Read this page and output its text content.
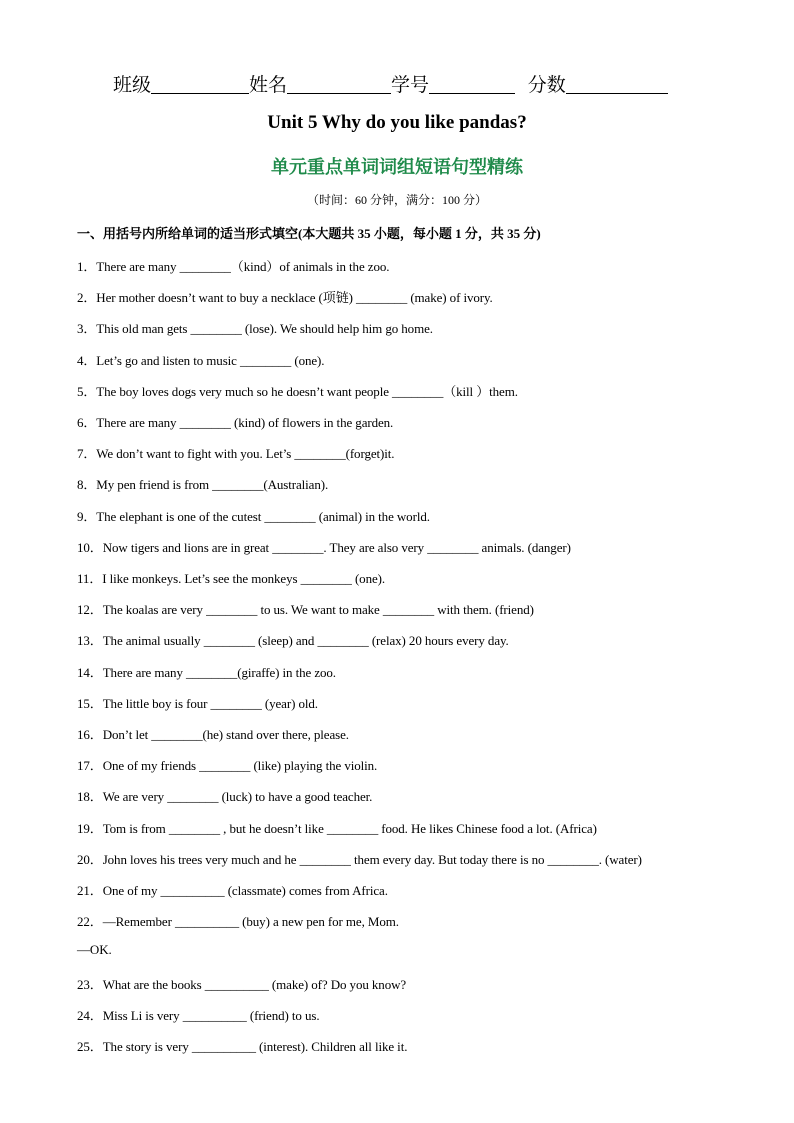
班级	姓名	学号	分数
Unit 5 Why do you like pandas?
单元重点单词词组短语句型精练
（时间：60 分钟，满分：100 分）
一、用括号内所给单词的适当形式填空(本大题共 35 小题，每小题 1 分，共 35 分)
1．There are many ________（kind）of animals in the zoo.
2．Her mother doesn’t want to buy a necklace (项链) ________ (make) of ivory.
3．This old man gets ________ (lose). We should help him go home.
4．Let’s go and listen to music ________ (one).
5．The boy loves dogs very much so he doesn’t want people ________（kill ）them.
6．There are many ________ (kind) of flowers in the garden.
7．We don’t want to fight with you. Let’s ________(forget)it.
8．My pen friend is from ________(Australian).
9．The elephant is one of the cutest ________ (animal) in the world.
10．Now tigers and lions are in great ________. They are also very ________ animals. (danger)
11．I like monkeys. Let’s see the monkeys ________ (one).
12．The koalas are very ________ to us. We want to make ________ with them. (friend)
13．The animal usually ________ (sleep) and ________ (relax) 20 hours every day.
14．There are many ________(giraffe) in the zoo.
15．The little boy is four ________ (year) old.
16．Don’t let ________(he) stand over there, please.
17．One of my friends ________ (like) playing the violin.
18．We are very ________ (luck) to have a good teacher.
19．Tom is from ________ , but he doesn’t like ________ food. He likes Chinese food a lot. (Africa)
20．John loves his trees very much and he ________ them every day. But today there is no ________. (water)
21．One of my __________ (classmate) comes from Africa.
22．—Remember __________ (buy) a new pen for me, Mom.
—OK.
23．What are the books __________ (make) of? Do you know?
24．Miss Li is very __________ (friend) to us.
25．The story is very __________ (interest). Children all like it.
